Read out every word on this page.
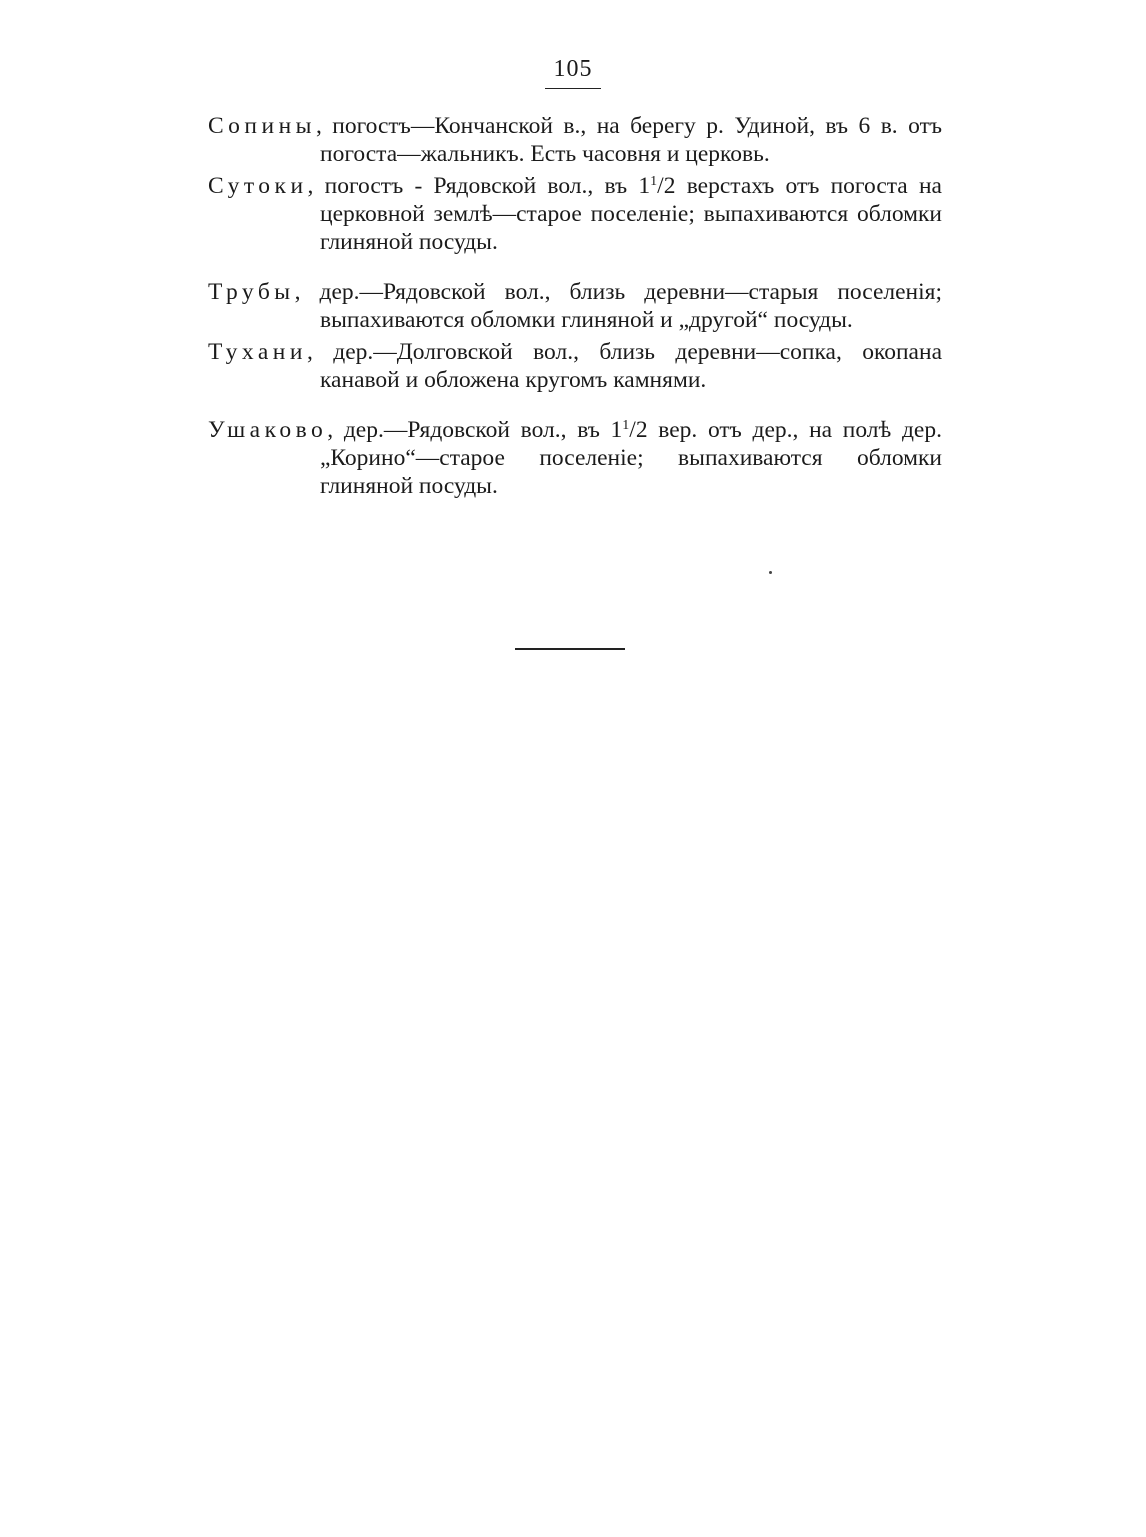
105

Сопины, погостъ—Кончанской в., на берегу р. Удиной, въ 6 в. отъ погоста—жальникъ. Есть часовня и церковь.

Сутоки, погостъ - Рядовской вол., въ $1^1/2$ верстахъ отъ погоста на церковной землѣ—старое поселеніе; выпахиваются обломки глиняной посуды.

Трубы, дер.—Рядовской вол., близь деревни—старыя поселенія; выпахиваются обломки глиняной и „другой“ посуды.

Тухани, дер.—Долговской вол., близь деревни—сопка, окопана канавой и обложена кругомъ камнями.

Ушаково, дер.—Рядовской вол., въ $1^1/2$ вер. отъ дер., на полѣ дер. „Корино“—старое поселеніе; выпахиваются обломки глиняной посуды.
